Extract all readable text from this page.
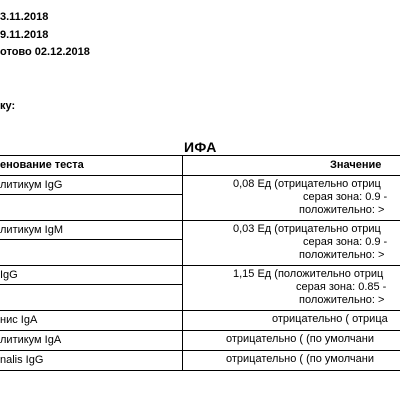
3.11.2018
9.11.2018
отово 02.12.2018
ку:
ИФА
енование теста	Значение
литикум IgG	0,08 Ед (отрицательно отриц
серая зона: 0.9 -
положительно: >
литикум IgM	0,03 Ед (отрицательно отриц
серая зона: 0.9 -
положительно: >
IgG	1,15 Ед (положительно отриц
серая зона: 0.85 -
положительно: >
нис IgA	отрицательно ( отрица
литикум IgA	отрицательно ( (по умолчани
nalis IgG	отрицательно ( (по умолчани
